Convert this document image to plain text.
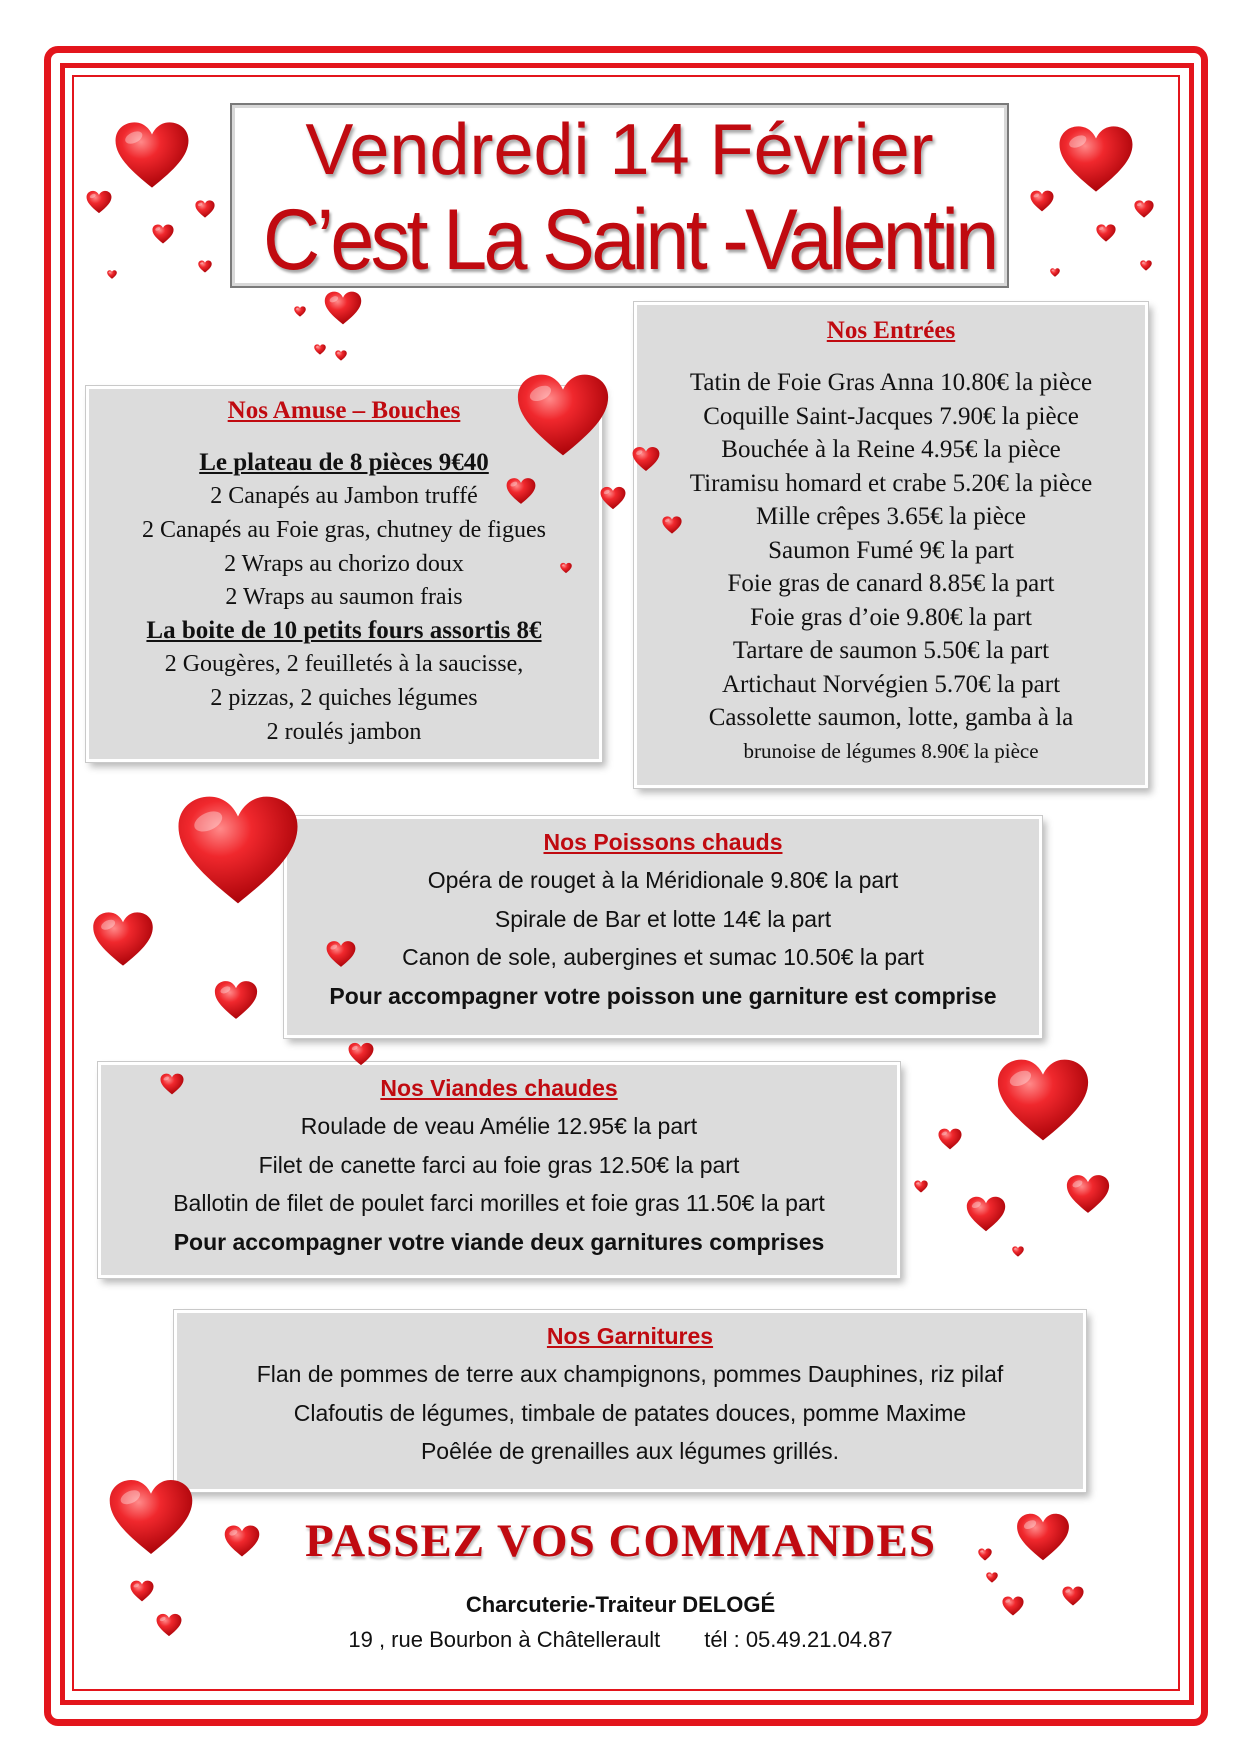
Vendredi 14 Février
C’est La Saint -Valentin
Nos Amuse – Bouches
Le plateau de 8 pièces 9€40
2 Canapés au Jambon truffé
2 Canapés au Foie gras, chutney de figues
2 Wraps au chorizo doux
2 Wraps au saumon frais
La boite de 10 petits fours assortis 8€
2 Gougères, 2 feuilletés à la saucisse,
2 pizzas, 2 quiches légumes
2 roulés jambon
Nos Entrées
Tatin de Foie Gras Anna 10.80€ la pièce
Coquille Saint-Jacques 7.90€ la pièce
Bouchée à la Reine 4.95€ la pièce
Tiramisu homard et crabe 5.20€ la pièce
Mille crêpes 3.65€ la pièce
Saumon Fumé 9€ la part
Foie gras de canard 8.85€ la part
Foie gras d’oie 9.80€ la part
Tartare de saumon 5.50€ la part
Artichaut Norvégien 5.70€ la part
Cassolette saumon, lotte, gamba à la
brunoise de légumes 8.90€ la pièce
Nos Poissons chauds
Opéra de rouget à la Méridionale 9.80€ la part
Spirale de Bar et lotte 14€ la part
Canon de sole, aubergines et sumac 10.50€ la part
Pour accompagner votre poisson une garniture est comprise
Nos Viandes chaudes
Roulade de veau Amélie 12.95€ la part
Filet de canette farci au foie gras 12.50€ la part
Ballotin de filet de poulet farci morilles et foie gras 11.50€ la part
Pour accompagner votre viande deux garnitures comprises
Nos Garnitures
Flan de pommes de terre aux champignons, pommes Dauphines, riz pilaf
Clafoutis de légumes, timbale de patates douces, pomme Maxime
Poêlée de grenailles aux légumes grillés.
PASSEZ VOS COMMANDES
Charcuterie-Traiteur DELOGÉ
19 , rue Bourbon à Châtellerault tél : 05.49.21.04.87
